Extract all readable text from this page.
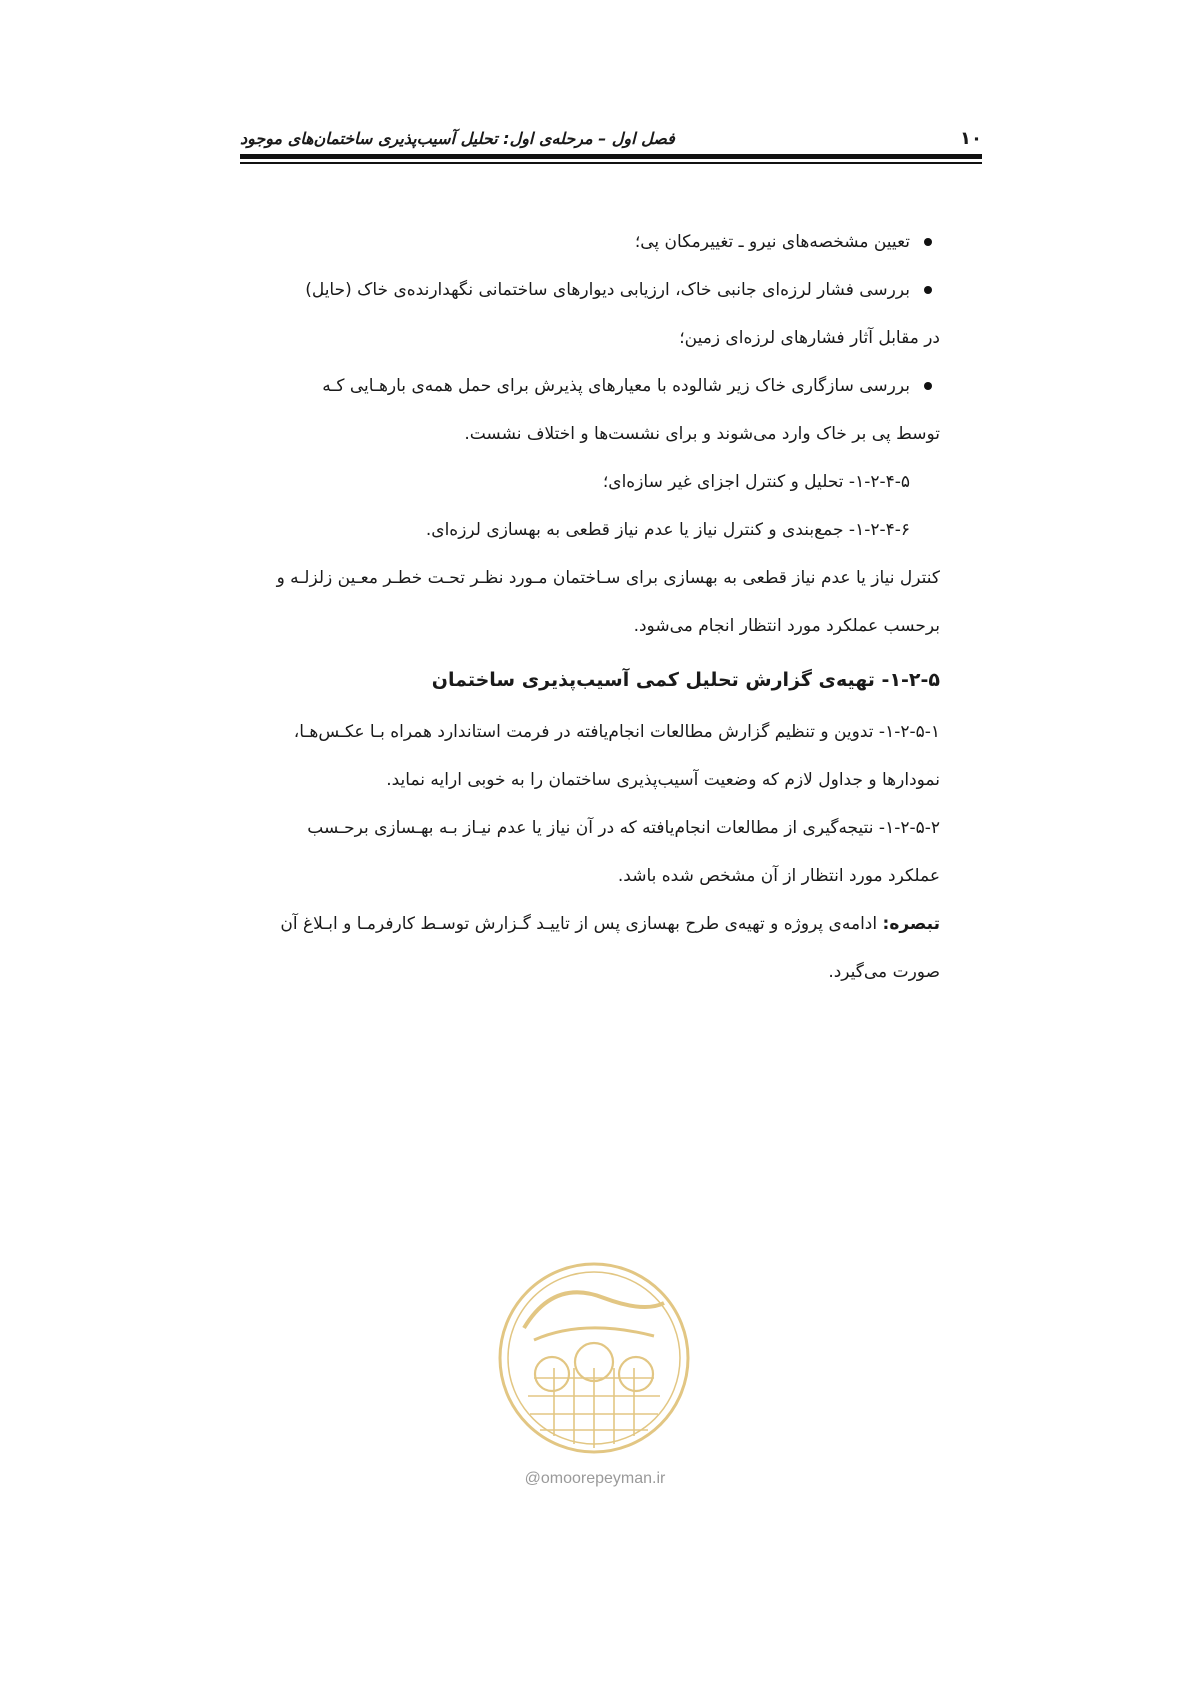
۱۰
فصل اول – مرحله‌ی اول: تحلیل آسیب‌پذیری ساختمان‌های موجود

تعیین مشخصه‌های نیرو ـ تغییرمکان پی؛

بررسی فشار لرزه‌ای جانبی خاک، ارزیابی دیوارهای ساختمانی نگهدارنده‌ی خاک (حایل)

در مقابل آثار فشارهای لرزه‌ای زمین؛

بررسی سازگاری خاک زیر شالوده با معیارهای پذیرش برای حمل همه‌ی بارهـایی کـه

توسط پی بر خاک وارد می‌شوند و برای نشست‌ها و اختلاف نشست.

۱-۲-۴-۵- تحلیل و کنترل اجزای غیر سازه‌ای؛

۱-۲-۴-۶- جمع‌بندی و کنترل نیاز یا عدم نیاز قطعی به بهسازی لرزه‌ای.

کنترل نیاز یا عدم نیاز قطعی به بهسازی برای سـاختمان مـورد نظـر تحـت خطـر معـین زلزلـه و

برحسب عملکرد مورد انتظار انجام می‌شود.

۱-۲-۵- تهیه‌ی گزارش تحلیل کمی آسیب‌پذیری ساختمان

۱-۲-۵-۱- تدوین و تنظیم گزارش مطالعات انجام‌یافته در فرمت استاندارد همراه بـا عکـس‌هـا،

نمودارها و جداول لازم که وضعیت آسیب‌پذیری ساختمان را به خوبی ارایه نماید.

۱-۲-۵-۲- نتیجه‌گیری از مطالعات انجام‌یافته که در آن نیاز یا عدم نیـاز بـه بهـسازی برحـسب

عملکرد مورد انتظار از آن مشخص شده باشد.

تبصره: ادامه‌ی پروژه و تهیه‌ی طرح بهسازی پس از تاییـد گـزارش توسـط کارفرمـا و ابـلاغ آن

صورت می‌گیرد.

@omoorepeyman.ir
